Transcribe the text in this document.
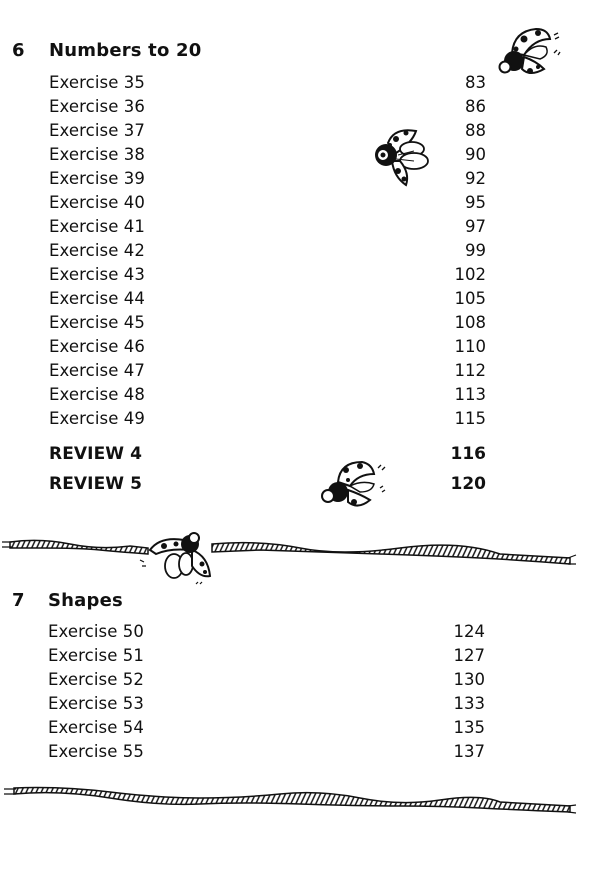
6 Numbers to 20
Exercise 35	83
Exercise 36	86
Exercise 37	88
Exercise 38	90
Exercise 39	92
Exercise 40	95
Exercise 41	97
Exercise 42	99
Exercise 43	102
Exercise 44	105
Exercise 45	108
Exercise 46	110
Exercise 47	112
Exercise 48	113
Exercise 49	115
REVIEW 4	116
REVIEW 5	120
7 Shapes
Exercise 50	124
Exercise 51	127
Exercise 52	130
Exercise 53	133
Exercise 54	135
Exercise 55	137
